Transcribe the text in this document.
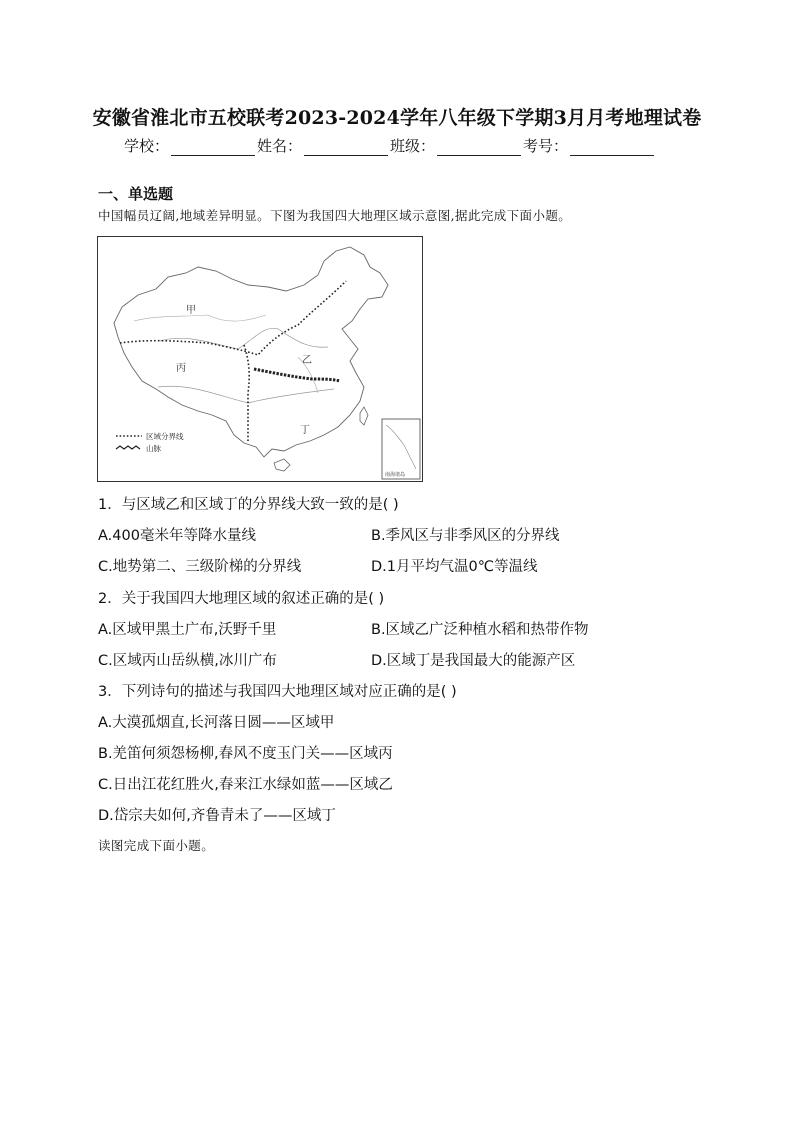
安徽省淮北市五校联考2023-2024学年八年级下学期3月月考地理试卷
学校：	姓名：	班级：	考号：
一、单选题
中国幅员辽阔,地域差异明显。下图为我国四大地理区域示意图,据此完成下面小题。
甲
乙
丙
丁
区域分界线
山脉
南海诸岛
1．与区域乙和区域丁的分界线大致一致的是( )
A.400毫米年等降水量线	B.季风区与非季风区的分界线
C.地势第二、三级阶梯的分界线	D.1月平均气温0℃等温线
2．关于我国四大地理区域的叙述正确的是( )
A.区域甲黑土广布,沃野千里	B.区域乙广泛种植水稻和热带作物
C.区域丙山岳纵横,冰川广布	D.区域丁是我国最大的能源产区
3．下列诗句的描述与我国四大地理区域对应正确的是( )
A.大漠孤烟直,长河落日圆——区域甲
B.羌笛何须怨杨柳,春风不度玉门关——区域丙
C.日出江花红胜火,春来江水绿如蓝——区域乙
D.岱宗夫如何,齐鲁青未了——区域丁
读图完成下面小题。
